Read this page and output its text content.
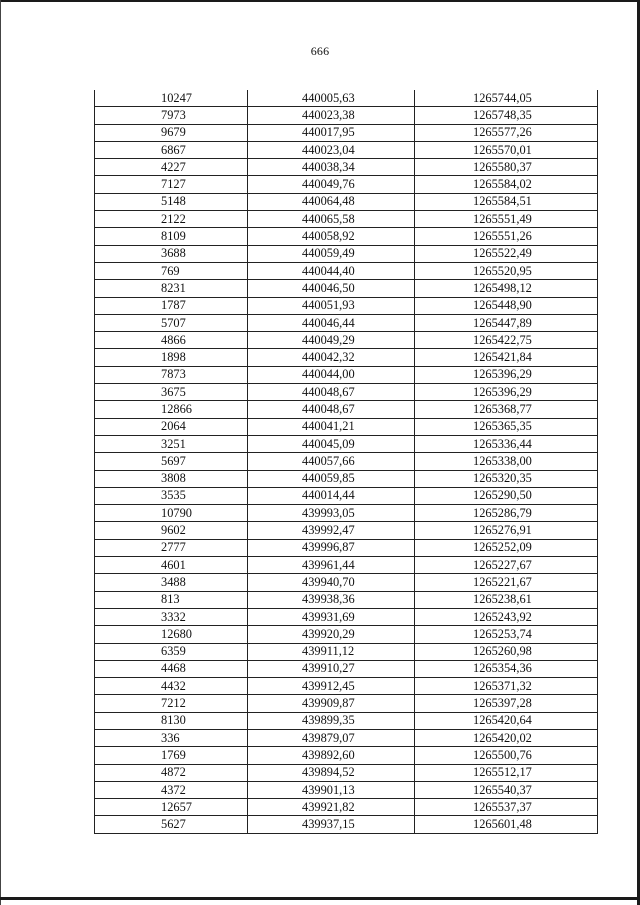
666
10247	440005,63	1265744,05
7973	440023,38	1265748,35
9679	440017,95	1265577,26
6867	440023,04	1265570,01
4227	440038,34	1265580,37
7127	440049,76	1265584,02
5148	440064,48	1265584,51
2122	440065,58	1265551,49
8109	440058,92	1265551,26
3688	440059,49	1265522,49
769	440044,40	1265520,95
8231	440046,50	1265498,12
1787	440051,93	1265448,90
5707	440046,44	1265447,89
4866	440049,29	1265422,75
1898	440042,32	1265421,84
7873	440044,00	1265396,29
3675	440048,67	1265396,29
12866	440048,67	1265368,77
2064	440041,21	1265365,35
3251	440045,09	1265336,44
5697	440057,66	1265338,00
3808	440059,85	1265320,35
3535	440014,44	1265290,50
10790	439993,05	1265286,79
9602	439992,47	1265276,91
2777	439996,87	1265252,09
4601	439961,44	1265227,67
3488	439940,70	1265221,67
813	439938,36	1265238,61
3332	439931,69	1265243,92
12680	439920,29	1265253,74
6359	439911,12	1265260,98
4468	439910,27	1265354,36
4432	439912,45	1265371,32
7212	439909,87	1265397,28
8130	439899,35	1265420,64
336	439879,07	1265420,02
1769	439892,60	1265500,76
4872	439894,52	1265512,17
4372	439901,13	1265540,37
12657	439921,82	1265537,37
5627	439937,15	1265601,48
